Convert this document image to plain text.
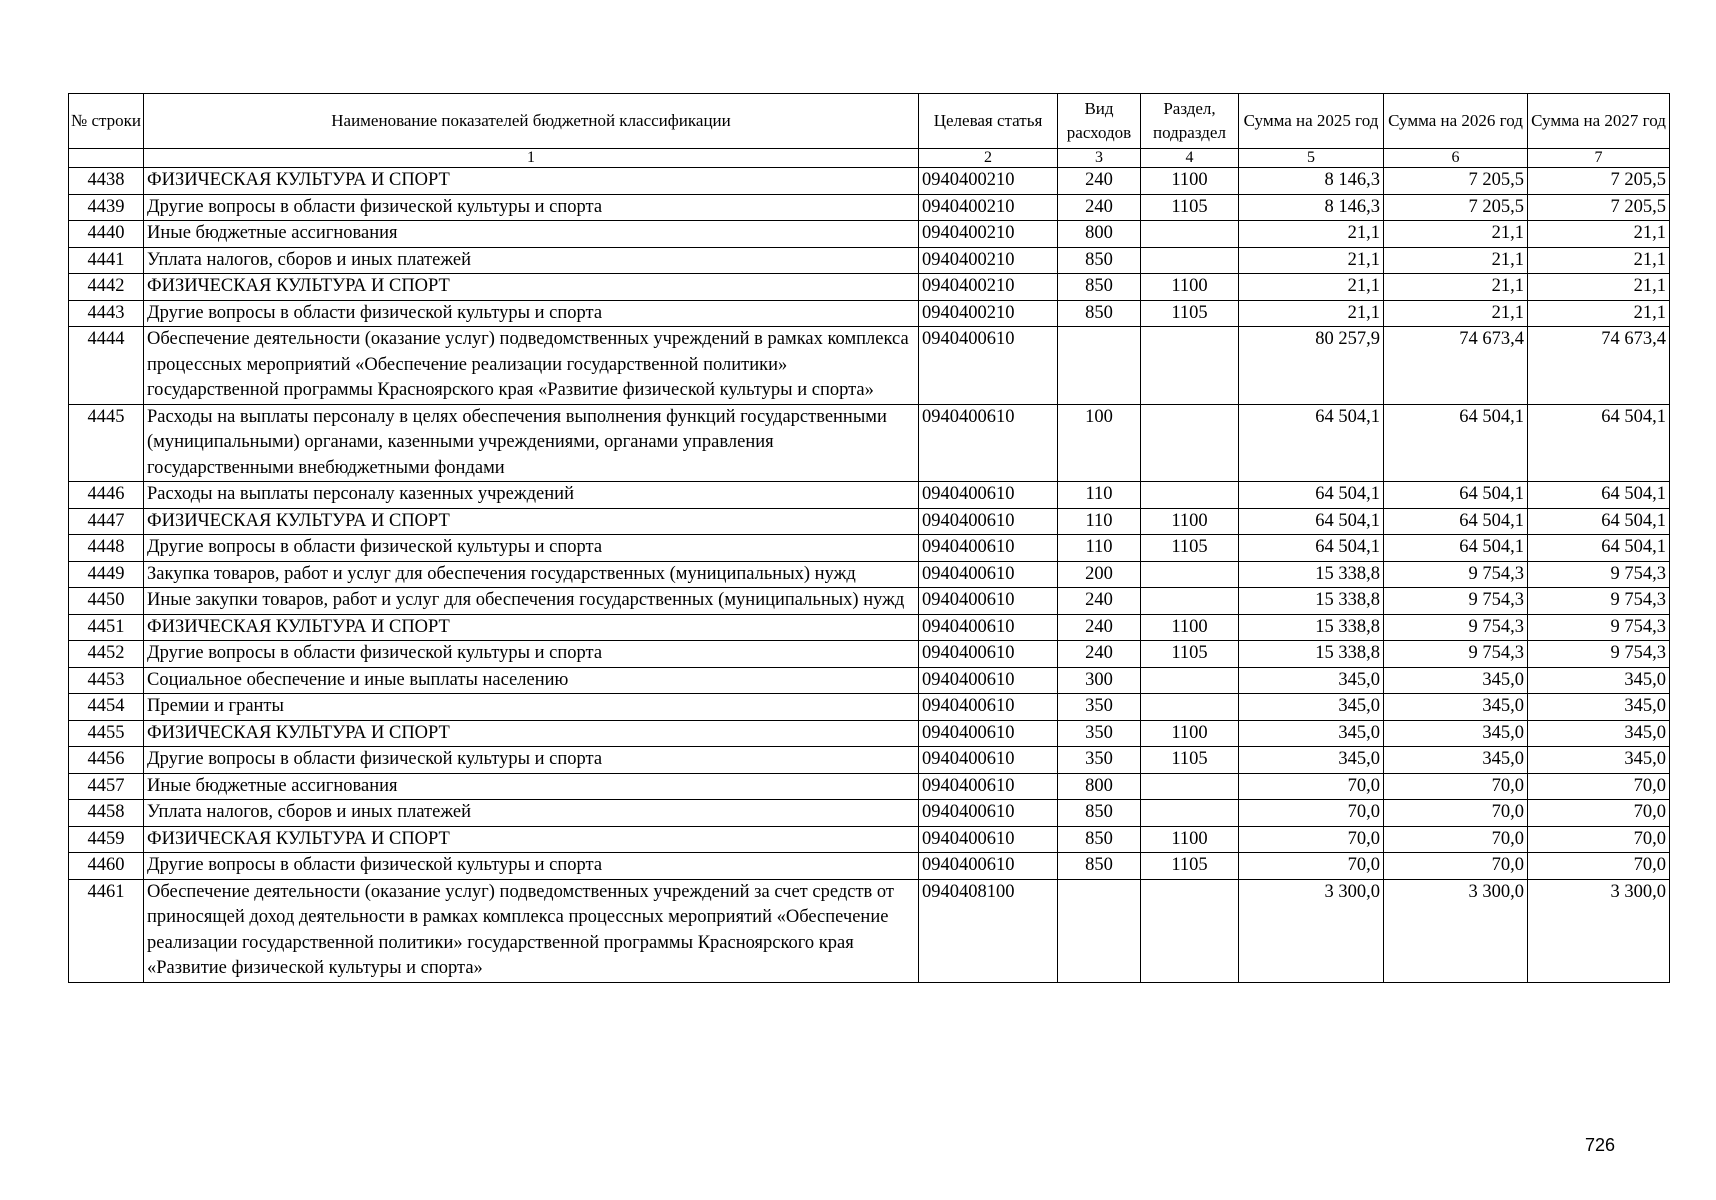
№ строки	Наименование показателей бюджетной классификации	Целевая статья	Вид расходов	Раздел, подраздел	Сумма на 2025 год	Сумма на 2026 год	Сумма на 2027 год
	1	2	3	4	5	6	7
4438	ФИЗИЧЕСКАЯ КУЛЬТУРА И СПОРТ	0940400210	240	1100	8 146,3	7 205,5	7 205,5
4439	Другие вопросы в области физической культуры и спорта	0940400210	240	1105	8 146,3	7 205,5	7 205,5
4440	Иные бюджетные ассигнования	0940400210	800		21,1	21,1	21,1
4441	Уплата налогов, сборов и иных платежей	0940400210	850		21,1	21,1	21,1
4442	ФИЗИЧЕСКАЯ КУЛЬТУРА И СПОРТ	0940400210	850	1100	21,1	21,1	21,1
4443	Другие вопросы в области физической культуры и спорта	0940400210	850	1105	21,1	21,1	21,1
4444	Обеспечение деятельности (оказание услуг) подведомственных учреждений в рамках комплекса процессных мероприятий «Обеспечение реализации государственной политики» государственной программы Красноярского края «Развитие физической культуры и спорта»	0940400610			80 257,9	74 673,4	74 673,4
4445	Расходы на выплаты персоналу в целях обеспечения выполнения функций государственными (муниципальными) органами, казенными учреждениями, органами управления государственными внебюджетными фондами	0940400610	100		64 504,1	64 504,1	64 504,1
4446	Расходы на выплаты персоналу казенных учреждений	0940400610	110		64 504,1	64 504,1	64 504,1
4447	ФИЗИЧЕСКАЯ КУЛЬТУРА И СПОРТ	0940400610	110	1100	64 504,1	64 504,1	64 504,1
4448	Другие вопросы в области физической культуры и спорта	0940400610	110	1105	64 504,1	64 504,1	64 504,1
4449	Закупка товаров, работ и услуг для обеспечения государственных (муниципальных) нужд	0940400610	200		15 338,8	9 754,3	9 754,3
4450	Иные закупки товаров, работ и услуг для обеспечения государственных (муниципальных) нужд	0940400610	240		15 338,8	9 754,3	9 754,3
4451	ФИЗИЧЕСКАЯ КУЛЬТУРА И СПОРТ	0940400610	240	1100	15 338,8	9 754,3	9 754,3
4452	Другие вопросы в области физической культуры и спорта	0940400610	240	1105	15 338,8	9 754,3	9 754,3
4453	Социальное обеспечение и иные выплаты населению	0940400610	300		345,0	345,0	345,0
4454	Премии и гранты	0940400610	350		345,0	345,0	345,0
4455	ФИЗИЧЕСКАЯ КУЛЬТУРА И СПОРТ	0940400610	350	1100	345,0	345,0	345,0
4456	Другие вопросы в области физической культуры и спорта	0940400610	350	1105	345,0	345,0	345,0
4457	Иные бюджетные ассигнования	0940400610	800		70,0	70,0	70,0
4458	Уплата налогов, сборов и иных платежей	0940400610	850		70,0	70,0	70,0
4459	ФИЗИЧЕСКАЯ КУЛЬТУРА И СПОРТ	0940400610	850	1100	70,0	70,0	70,0
4460	Другие вопросы в области физической культуры и спорта	0940400610	850	1105	70,0	70,0	70,0
4461	Обеспечение деятельности (оказание услуг) подведомственных учреждений за счет средств от приносящей доход деятельности в рамках комплекса процессных мероприятий «Обеспечение реализации государственной политики» государственной программы Красноярского края «Развитие физической культуры и спорта»	0940408100			3 300,0	3 300,0	3 300,0
726
